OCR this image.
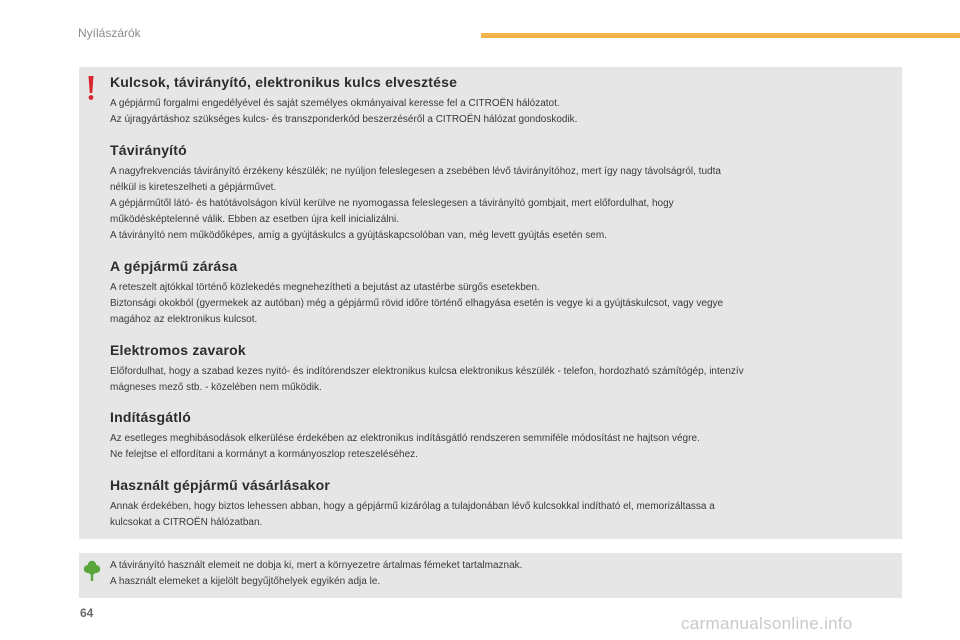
Nyílászárók
Kulcsok, távirányító, elektronikus kulcs elvesztése

A gépjármű forgalmi engedélyével és saját személyes okmányaival keresse fel a CITROËN hálózatot.

Az újragyártáshoz szükséges kulcs- és transzponderkód beszerzéséről a CITROËN hálózat gondoskodik.

Távirányító

A nagyfrekvenciás távirányító érzékeny készülék; ne nyúljon feleslegesen a zsebében lévő távirányítóhoz, mert így nagy távolságról, tudta

nélkül is kireteszelheti a gépjárművet.

A gépjárműtől látó- és hatótávolságon kívül kerülve ne nyomogassa feleslegesen a távirányító gombjait, mert előfordulhat, hogy

működésképtelenné válik. Ebben az esetben újra kell inicializálni.

A távirányító nem működőképes, amíg a gyújtáskulcs a gyújtáskapcsolóban van, még levett gyújtás esetén sem.

A gépjármű zárása

A reteszelt ajtókkal történő közlekedés megnehezítheti a bejutást az utastérbe sürgős esetekben.

Biztonsági okokból (gyermekek az autóban) még a gépjármű rövid időre történő elhagyása esetén is vegye ki a gyújtáskulcsot, vagy vegye

magához az elektronikus kulcsot.

Elektromos zavarok

Előfordulhat, hogy a szabad kezes nyitó- és indítórendszer elektronikus kulcsa elektronikus készülék - telefon, hordozható számítógép, intenzív

mágneses mező stb. - közelében nem működik.

Indításgátló

Az esetleges meghibásodások elkerülése érdekében az elektronikus indításgátló rendszeren semmiféle módosítást ne hajtson végre.

Ne felejtse el elfordítani a kormányt a kormányoszlop reteszeléséhez.

Használt gépjármű vásárlásakor

Annak érdekében, hogy biztos lehessen abban, hogy a gépjármű kizárólag a tulajdonában lévő kulcsokkal indítható el, memorizáltassa a

kulcsokat a CITROËN hálózatban.

A távirányító használt elemeit ne dobja ki, mert a környezetre ártalmas fémeket tartalmaznak.

A használt elemeket a kijelölt begyűjtőhelyek egyikén adja le.

64
carmanualsonline.info
